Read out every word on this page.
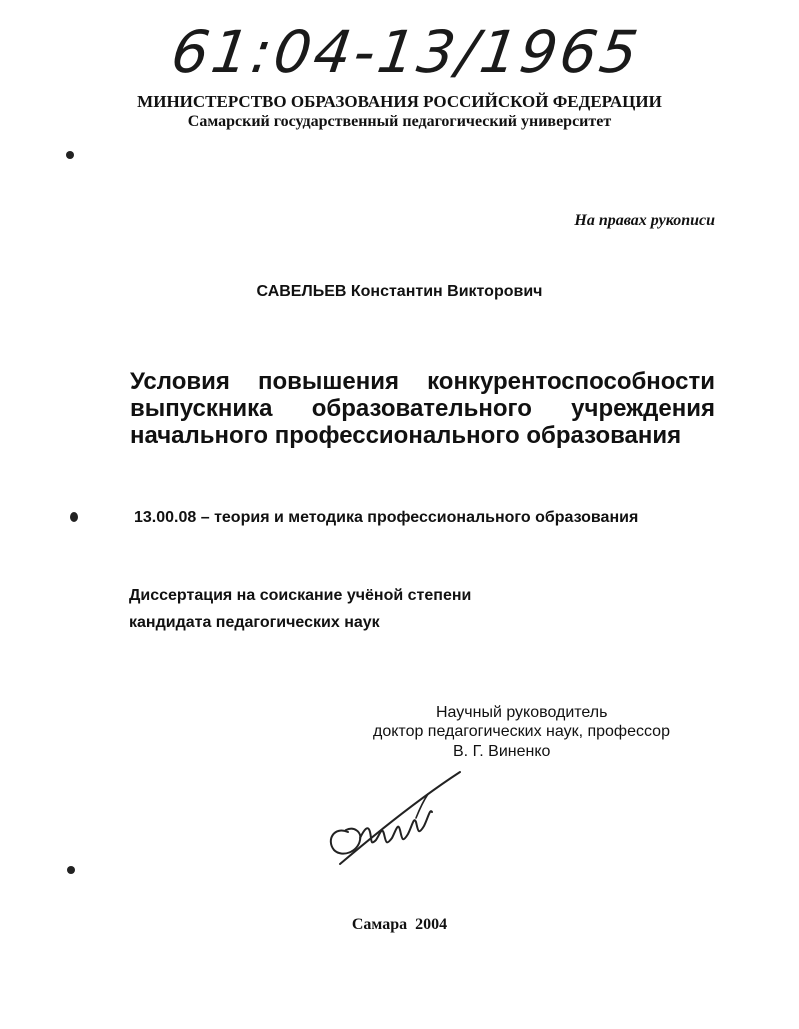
61:04-13/1965
МИНИСТЕРСТВО ОБРАЗОВАНИЯ РОССИЙСКОЙ ФЕДЕРАЦИИ
Самарский государственный педагогический университет
На правах рукописи
САВЕЛЬЕВ Константин Викторович
Условия повышения конкурентоспособности выпускника образовательного учреждения начального профессионального образования
13.00.08 – теория и методика профессионального образования
Диссертация на соискание учёной степени
кандидата педагогических наук
Научный руководитель
доктор педагогических наук, профессор
В. Г. Виненко
Самара  2004
